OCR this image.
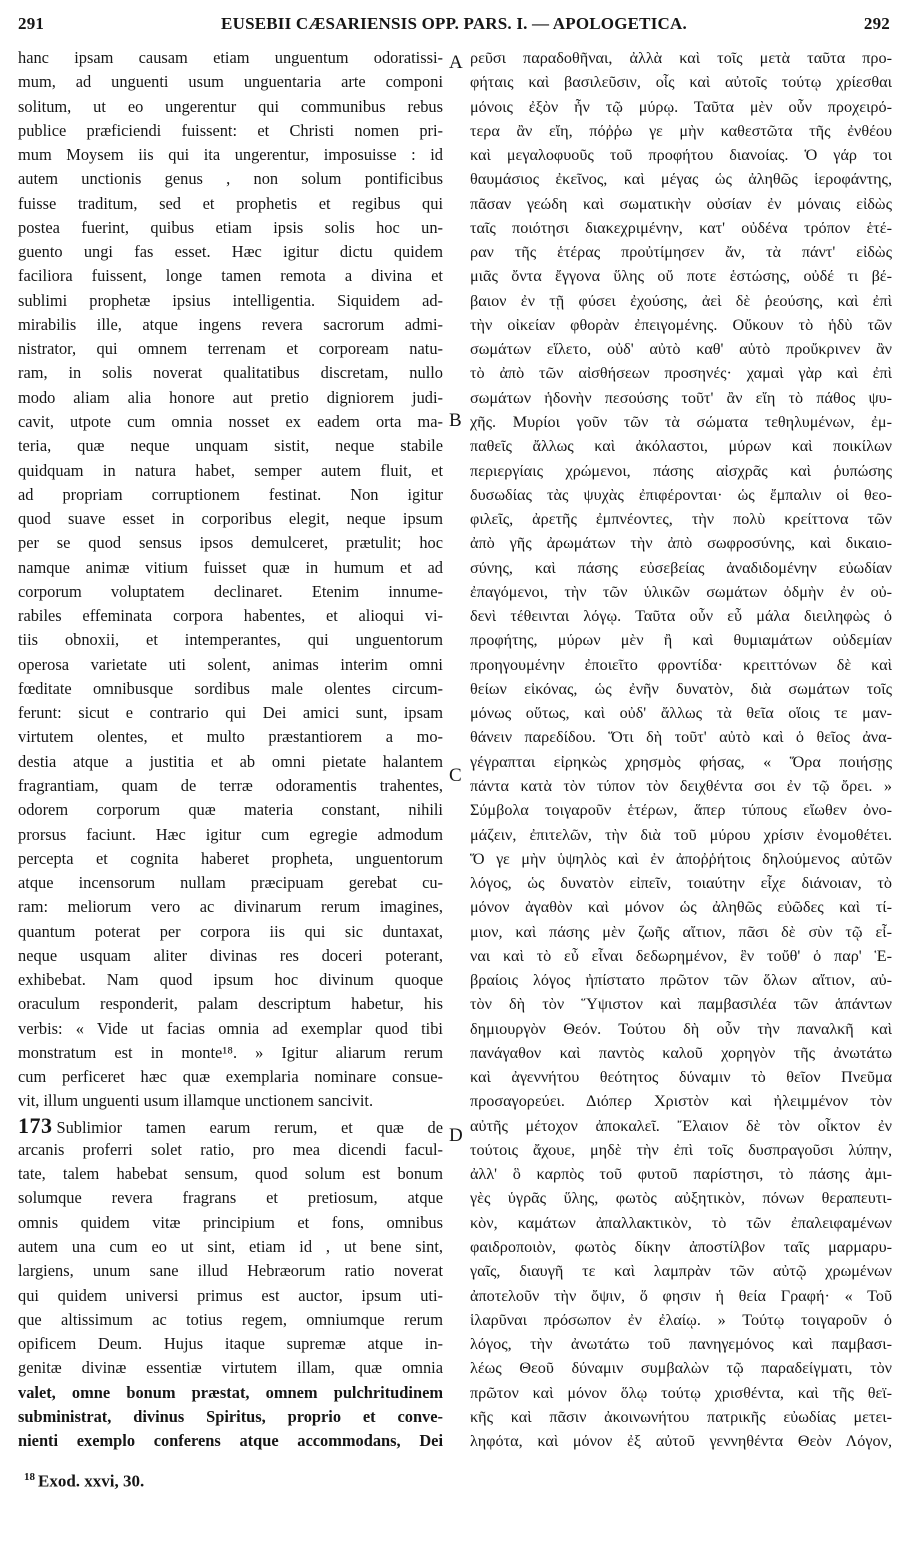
291	EUSEBII CÆSARIENSIS OPP. PARS. I. — APOLOGETICA.	292
hanc ipsam causam etiam unguentum odoratissi-
mum, ad unguenti usum unguentaria arte componi
solitum, ut eo ungerentur qui communibus rebus
publice præficiendi fuissent: et Christi nomen pri-
mum Moysem iis qui ita ungerentur, imposuisse : id
autem unctionis genus , non solum pontificibus
fuisse traditum, sed et prophetis et regibus qui
postea fuerint, quibus etiam ipsis solis hoc un-
guento ungi fas esset. Hæc igitur dictu quidem
faciliora fuissent, longe tamen remota a divina et
sublimi prophetæ ipsius intelligentia. Siquidem ad-
mirabilis ille, atque ingens revera sacrorum admi-
nistrator, qui omnem terrenam et corpoream natu-
ram, in solis noverat qualitatibus discretam, nullo
modo aliam alia honore aut pretio digniorem judi-
cavit, utpote cum omnia nosset ex eadem orta ma-
teria, quæ neque unquam sistit, neque stabile
quidquam in natura habet, semper autem fluit, et
ad propriam corruptionem festinat. Non igitur
quod suave esset in corporibus elegit, neque ipsum
per se quod sensus ipsos demulceret, prætulit; hoc
namque animæ vitium fuisset quæ in humum et ad
corporum voluptatem declinaret. Etenim innume-
rabiles effeminata corpora habentes, et alioqui vi-
tiis obnoxii, et intemperantes, qui unguentorum
operosa varietate uti solent, animas interim omni
fœditate omnibusque sordibus male olentes circum-
ferunt: sicut e contrario qui Dei amici sunt, ipsam
virtutem olentes, et multo præstantiorem a mo-
destia atque a justitia et ab omni pietate halantem
fragrantiam, quam de terræ odoramentis trahentes,
odorem corporum quæ materia constant, nihili
prorsus faciunt. Hæc igitur cum egregie admodum
percepta et cognita haberet propheta, unguentorum
atque incensorum nullam præcipuam gerebat cu-
ram: meliorum vero ac divinarum rerum imagines,
quantum poterat per corpora iis qui sic duntaxat,
neque usquam aliter divinas res doceri poterant,
exhibebat. Nam quod ipsum hoc divinum quoque
oraculum responderit, palam descriptum habetur, his
verbis: « Vide ut facias omnia ad exemplar quod tibi
monstratum est in monte¹⁸. » Igitur aliarum rerum
cum perficeret hæc quæ exemplaria nominare consue-
vit, illum unguenti usum illamque unctionem sancivit.
173 Sublimior tamen earum rerum, et quæ de
arcanis proferri solet ratio, pro mea dicendi facul-
tate, talem habebat sensum, quod solum est bonum
solumque revera fragrans et pretiosum, atque
omnis quidem vitæ principium et fons, omnibus
autem una cum eo ut sint, etiam id , ut bene sint,
largiens, unum sane illud Hebræorum ratio noverat
qui quidem universi primus est auctor, ipsum uti-
que altissimum ac totius regem, omniumque rerum
opificem Deum. Hujus itaque supremæ atque in-
genitæ divinæ essentiæ virtutem illam, quæ omnia
valet, omne bonum præstat, omnem pulchritudinem
subministrat, divinus Spiritus, proprio et conve-
nienti exemplo conferens atque accommodans, Dei
ρεῦσι παραδοθῆναι, ἀλλὰ καὶ τοῖς μετὰ ταῦτα προ-
φήταις καὶ βασιλεῦσιν, οἷς καὶ αὐτοῖς τούτῳ χρίεσθαι
μόνοις ἐξὸν ἦν τῷ μύρῳ. Ταῦτα μὲν οὖν προχειρό-
τερα ἂν εἴη, πόῤῥω γε μὴν καθεστῶτα τῆς ἐνθέου
καὶ μεγαλοφυοῦς τοῦ προφήτου διανοίας. Ὁ γάρ τοι
θαυμάσιος ἐκεῖνος, καὶ μέγας ὡς ἀληθῶς ἱεροφάντης,
πᾶσαν γεώδη καὶ σωματικὴν οὐσίαν ἐν μόναις εἰδὼς
ταῖς ποιότησι διακεχριμένην, κατ' οὐδένα τρόπον ἑτέ-
ραν τῆς ἑτέρας προὐτίμησεν ἄν, τὰ πάντ' εἰδὼς
μιᾶς ὄντα ἔγγονα ὕλης οὔ ποτε ἑστώσης, οὐδέ τι βέ-
βαιον ἐν τῇ φύσει ἐχούσης, ἀεὶ δὲ ῥεούσης, καὶ ἐπὶ
τὴν οἰκείαν φθορὰν ἐπειγομένης. Οὔκουν τὸ ἡδὺ τῶν
σωμάτων εἵλετο, οὐδ' αὐτὸ καθ' αὑτὸ προὔκρινεν ἂν
τὸ ἀπὸ τῶν αἰσθήσεων προσηνές· χαμαὶ γὰρ καὶ ἐπὶ
σωμάτων ἡδονὴν πεσούσης τοῦτ' ἂν εἴη τὸ πάθος ψυ-
χῆς. Μυρίοι γοῦν τῶν τὰ σώματα τεθηλυμένων, ἐμ-
παθεῖς ἄλλως καὶ ἀκόλαστοι, μύρων καὶ ποικίλων
περιεργίαις χρώμενοι, πάσης αἰσχρᾶς καὶ ῥυπώσης
δυσωδίας τὰς ψυχὰς ἐπιφέρονται· ὡς ἔμπαλιν οἱ θεο-
φιλεῖς, ἀρετῆς ἐμπνέοντες, τὴν πολὺ κρείττονα τῶν
ἀπὸ γῆς ἀρωμάτων τὴν ἀπὸ σωφροσύνης, καὶ δικαιο-
σύνης, καὶ πάσης εὐσεβείας ἀναδιδομένην εὐωδίαν
ἐπαγόμενοι, τὴν τῶν ὑλικῶν σωμάτων ὀδμὴν ἐν οὐ-
δενὶ τέθεινται λόγῳ. Ταῦτα οὖν εὖ μάλα διειληφὼς ὁ
προφήτης, μύρων μὲν ἢ καὶ θυμιαμάτων οὐδεμίαν
προηγουμένην ἐποιεῖτο φροντίδα· κρειττόνων δὲ καὶ
θείων εἰκόνας, ὡς ἐνῆν δυνατὸν, διὰ σωμάτων τοῖς
μόνως οὕτως, καὶ οὐδ' ἄλλως τὰ θεῖα οἵοις τε μαν-
θάνειν παρεδίδου. Ὅτι δὴ τοῦτ' αὐτὸ καὶ ὁ θεῖος ἀνα-
γέγραπται εἰρηκὼς χρησμὸς φήσας, « Ὅρα ποιήσῃς
πάντα κατὰ τὸν τύπον τὸν δειχθέντα σοι ἐν τῷ ὄρει. »
Σύμβολα τοιγαροῦν ἑτέρων, ἅπερ τύπους εἴωθεν ὀνο-
μάζειν, ἐπιτελῶν, τὴν διὰ τοῦ μύρου χρίσιν ἐνομοθέτει.
Ὅ γε μὴν ὑψηλὸς καὶ ἐν ἀποῤῥήτοις δηλούμενος αὐτῶν
λόγος, ὡς δυνατὸν εἰπεῖν, τοιαύτην εἶχε διάνοιαν, τὸ
μόνον ἀγαθὸν καὶ μόνον ὡς ἀληθῶς εὐῶδες καὶ τί-
μιον, καὶ πάσης μὲν ζωῆς αἴτιον, πᾶσι δὲ σὺν τῷ εἶ-
ναι καὶ τὸ εὖ εἶναι δεδωρημένον, ἓν τοὔθ' ὁ παρ' Ἑ-
βραίοις λόγος ἠπίστατο πρῶτον τῶν ὅλων αἴτιον, αὐ-
τὸν δὴ τὸν Ὕψιστον καὶ παμβασιλέα τῶν ἁπάντων
δημιουργὸν Θεόν. Τούτου δὴ οὖν τὴν παναλκῆ καὶ
πανάγαθον καὶ παντὸς καλοῦ χορηγὸν τῆς ἀνωτάτω
καὶ ἀγεννήτου θεότητος δύναμιν τὸ θεῖον Πνεῦμα
προσαγορεύει. Διόπερ Χριστὸν καὶ ἠλειμμένον τὸν
αὐτῆς μέτοχον ἀποκαλεῖ. Ἔλαιον δὲ τὸν οἶκτον ἐν
τούτοις ἄχουε, μηδὲ τὴν ἐπὶ τοῖς δυσπραγοῦσι λύπην,
ἀλλ' ὃ καρπὸς τοῦ φυτοῦ παρίστησι, τὸ πάσης ἀμι-
γὲς ὑγρᾶς ὕλης, φωτὸς αὐξητικὸν, πόνων θεραπευτι-
κὸν, καμάτων ἀπαλλακτικὸν, τὸ τῶν ἐπαλειφαμένων
φαιδροποιὸν, φωτὸς δίκην ἀποστίλβον ταῖς μαρμαρυ-
γαῖς, διαυγῆ τε καὶ λαμπρὰν τῶν αὐτῷ χρωμένων
ἀποτελοῦν τὴν ὄψιν, ὅ φησιν ἡ θεία Γραφή· « Τοῦ
ἱλαρῦναι πρόσωπον ἐν ἐλαίῳ. » Τούτῳ τοιγαροῦν ὁ
λόγος, τὴν ἀνωτάτω τοῦ πανηγεμόνος καὶ παμβασι-
λέως Θεοῦ δύναμιν συμβαλὼν τῷ παραδείγματι, τὸν
πρῶτον καὶ μόνον ὅλῳ τούτῳ χρισθέντα, καὶ τῆς θεϊ-
κῆς καὶ πᾶσιν ἀκοινωνήτου πατρικῆς εὐωδίας μετει-
ληφότα, καὶ μόνον ἐξ αὐτοῦ γεννηθέντα Θεὸν Λόγον,
A
B
C
D
$^{18}$ Exod. xxvi, 30.
